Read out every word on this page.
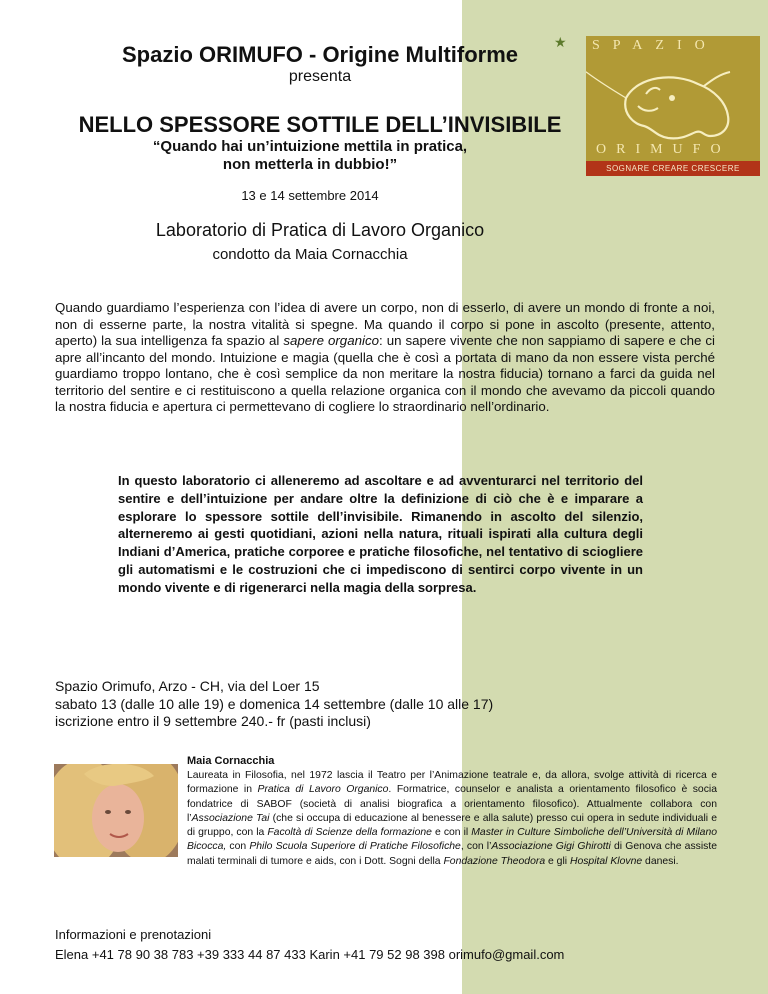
Spazio ORIMUFO - Origine Multiforme
presenta
NELLO SPESSORE SOTTILE DELL’INVISIBILE
“Quando hai un’intuizione mettila in pratica,
non metterla in dubbio!”
13 e 14 settembre 2014
Laboratorio di Pratica di Lavoro Organico
condotto da Maia Cornacchia
★ SPAZIO
ORIMUFO
SOGNARE CREARE CRESCERE
Quando guardiamo l’esperienza con l’idea di avere un corpo, non di esserlo, di avere un mondo di fronte a noi, non di esserne parte, la nostra vitalità si spegne. Ma quando il corpo si pone in ascolto (presente, attento, aperto) la sua intelligenza fa spazio al sapere organico: un sapere vivente che non sappiamo di sapere e che ci apre all’incanto del mondo. Intuizione e magia (quella che è così a portata di mano da non essere vista perché guardiamo troppo lontano, che è così semplice da non meritare la nostra fiducia) tornano a farci da guida nel territorio del sentire e ci restituiscono a quella relazione organica con il mondo che avevamo da piccoli quando la nostra fiducia e apertura ci permettevano di cogliere lo straordinario nell’ordinario.
In questo laboratorio ci alleneremo ad ascoltare e ad avventurarci nel territorio del sentire e dell’intuizione per andare oltre la definizione di ciò che è e imparare a esplorare lo spessore sottile dell’invisibile. Rimanendo in ascolto del silenzio, alterneremo ai gesti quotidiani, azioni nella natura, rituali ispirati alla cultura degli Indiani d’America, pratiche corporee e pratiche filosofiche, nel tentativo di sciogliere gli automatismi e le costruzioni che ci impediscono di sentirci corpo vivente in un mondo vivente e di rigenerarci nella magia della sorpresa.
Spazio Orimufo, Arzo - CH, via del Loer 15
sabato 13 (dalle 10 alle 19) e domenica 14 settembre (dalle 10 alle 17)
iscrizione entro il 9 settembre 240.- fr (pasti inclusi)
Maia Cornacchia
Laureata in Filosofia, nel 1972 lascia il Teatro per l’Animazione teatrale e, da allora, svolge attività di ricerca e formazione in Pratica di Lavoro Organico. Formatrice, counselor e analista a orientamento filosofico è socia fondatrice di SABOF (società di analisi biografica a orientamento filosofico). Attualmente collabora con l’Associazione Tai (che si occupa di educazione al benessere e alla salute) presso cui opera in sedute individuali e di gruppo, con la Facoltà di Scienze della formazione e con il Master in Culture Simboliche dell’Università di Milano Bicocca, con Philo Scuola Superiore di Pratiche Filosofiche, con l’Associazione Gigi Ghirotti di Genova che assiste malati terminali di tumore e aids, con i Dott. Sogni della Fondazione Theodora e gli Hospital Klovne danesi.
Informazioni e prenotazioni
Elena +41 78 90 38 783 +39 333 44 87 433 Karin +41 79 52 98 398 orimufo@gmail.com
